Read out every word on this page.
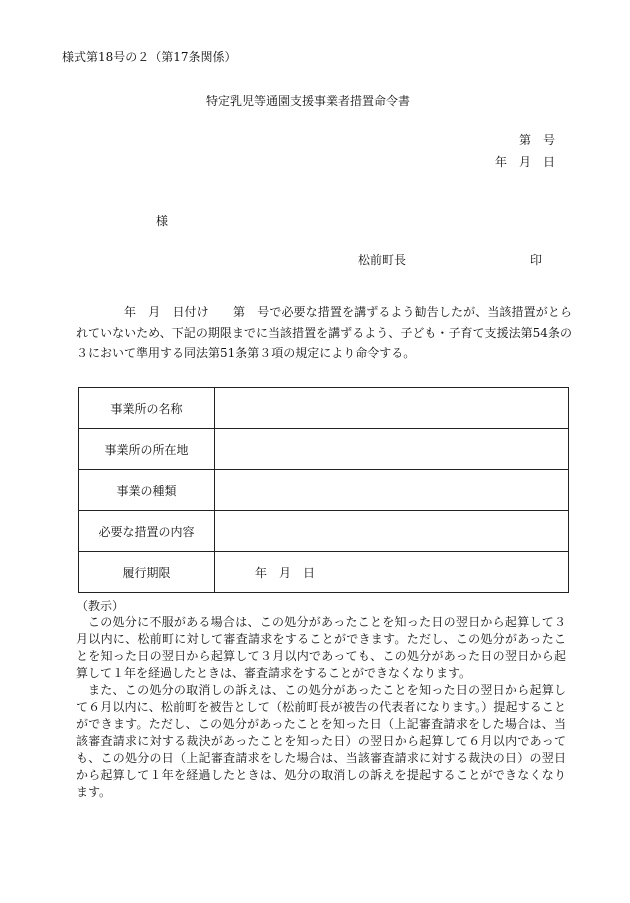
様式第18号の２（第17条関係）
特定乳児等通園支援事業者措置命令書
第　号
年　月　日
様
松前町長	印
年　月　日付け　　第　号で必要な措置を講ずるよう勧告したが、当該措置がとられていないため、下記の期限までに当該措置を講ずるよう、子ども・子育て支援法第54条の３において準用する同法第51条第３項の規定により命令する。
事業所の名称	
事業所の所在地	
事業の種類	
必要な措置の内容	
履行期限	年　月　日
（教示）
この処分に不服がある場合は、この処分があったことを知った日の翌日から起算して３月以内に、松前町に対して審査請求をすることができます。ただし、この処分があったことを知った日の翌日から起算して３月以内であっても、この処分があった日の翌日から起算して１年を経過したときは、審査請求をすることができなくなります。
また、この処分の取消しの訴えは、この処分があったことを知った日の翌日から起算して６月以内に、松前町を被告として（松前町長が被告の代表者になります。）提起することができます。ただし、この処分があったことを知った日（上記審査請求をした場合は、当該審査請求に対する裁決があったことを知った日）の翌日から起算して６月以内であっても、この処分の日（上記審査請求をした場合は、当該審査請求に対する裁決の日）の翌日から起算して１年を経過したときは、処分の取消しの訴えを提起することができなくなります。
